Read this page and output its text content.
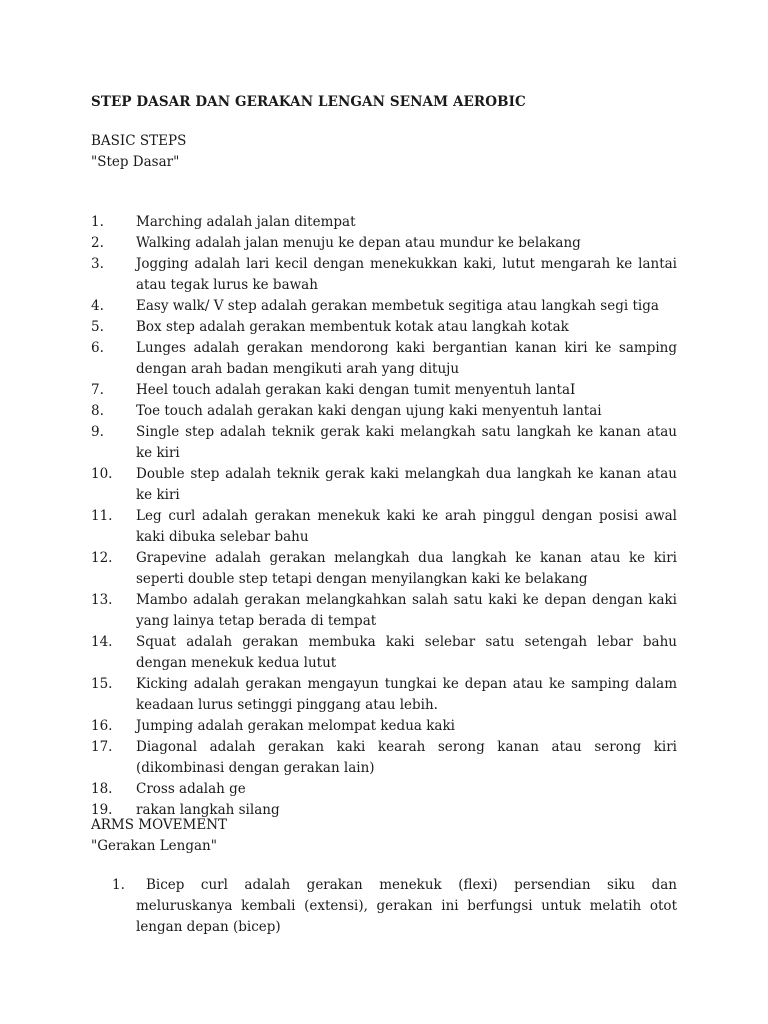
STEP DASAR DAN GERAKAN LENGAN SENAM AEROBIC
BASIC STEPS
"Step Dasar"
1.	Marching adalah jalan ditempat
2.	Walking adalah jalan menuju ke depan atau mundur ke belakang
3.	Jogging adalah lari kecil dengan menekukkan kaki, lutut mengarah ke lantai atau tegak lurus ke bawah
4.	Easy walk/ V step adalah gerakan membetuk segitiga atau langkah segi tiga
5.	Box step adalah gerakan membentuk kotak atau langkah kotak
6.	Lunges adalah gerakan mendorong kaki bergantian kanan kiri ke samping dengan arah badan mengikuti arah yang dituju
7.	Heel touch adalah gerakan kaki dengan tumit menyentuh lantaI
8.	Toe touch adalah gerakan kaki dengan ujung kaki menyentuh lantai
9.	Single step adalah teknik gerak kaki melangkah satu langkah ke kanan atau ke kiri
10.	Double step adalah teknik gerak kaki melangkah dua langkah ke kanan atau ke kiri
11.	Leg curl adalah gerakan menekuk kaki ke arah pinggul dengan posisi awal kaki dibuka selebar bahu
12.	Grapevine adalah gerakan melangkah dua langkah ke kanan atau ke kiri seperti double step tetapi dengan menyilangkan kaki ke belakang
13.	Mambo adalah gerakan melangkahkan salah satu kaki ke depan dengan kaki yang lainya tetap berada di tempat
14.	Squat adalah gerakan membuka kaki selebar satu setengah lebar bahu dengan menekuk kedua lutut
15.	Kicking adalah gerakan mengayun tungkai ke depan atau ke samping dalam keadaan lurus setinggi pinggang atau lebih.
16.	Jumping adalah gerakan melompat kedua kaki
17.	Diagonal adalah gerakan kaki kearah serong kanan atau serong kiri (dikombinasi dengan gerakan lain)
18.	Cross adalah ge
19.	rakan langkah silang
ARMS MOVEMENT
"Gerakan Lengan"
1. Bicep curl adalah gerakan menekuk (flexi) persendian siku dan meluruskanya kembali (extensi), gerakan ini berfungsi untuk melatih otot lengan depan (bicep)
